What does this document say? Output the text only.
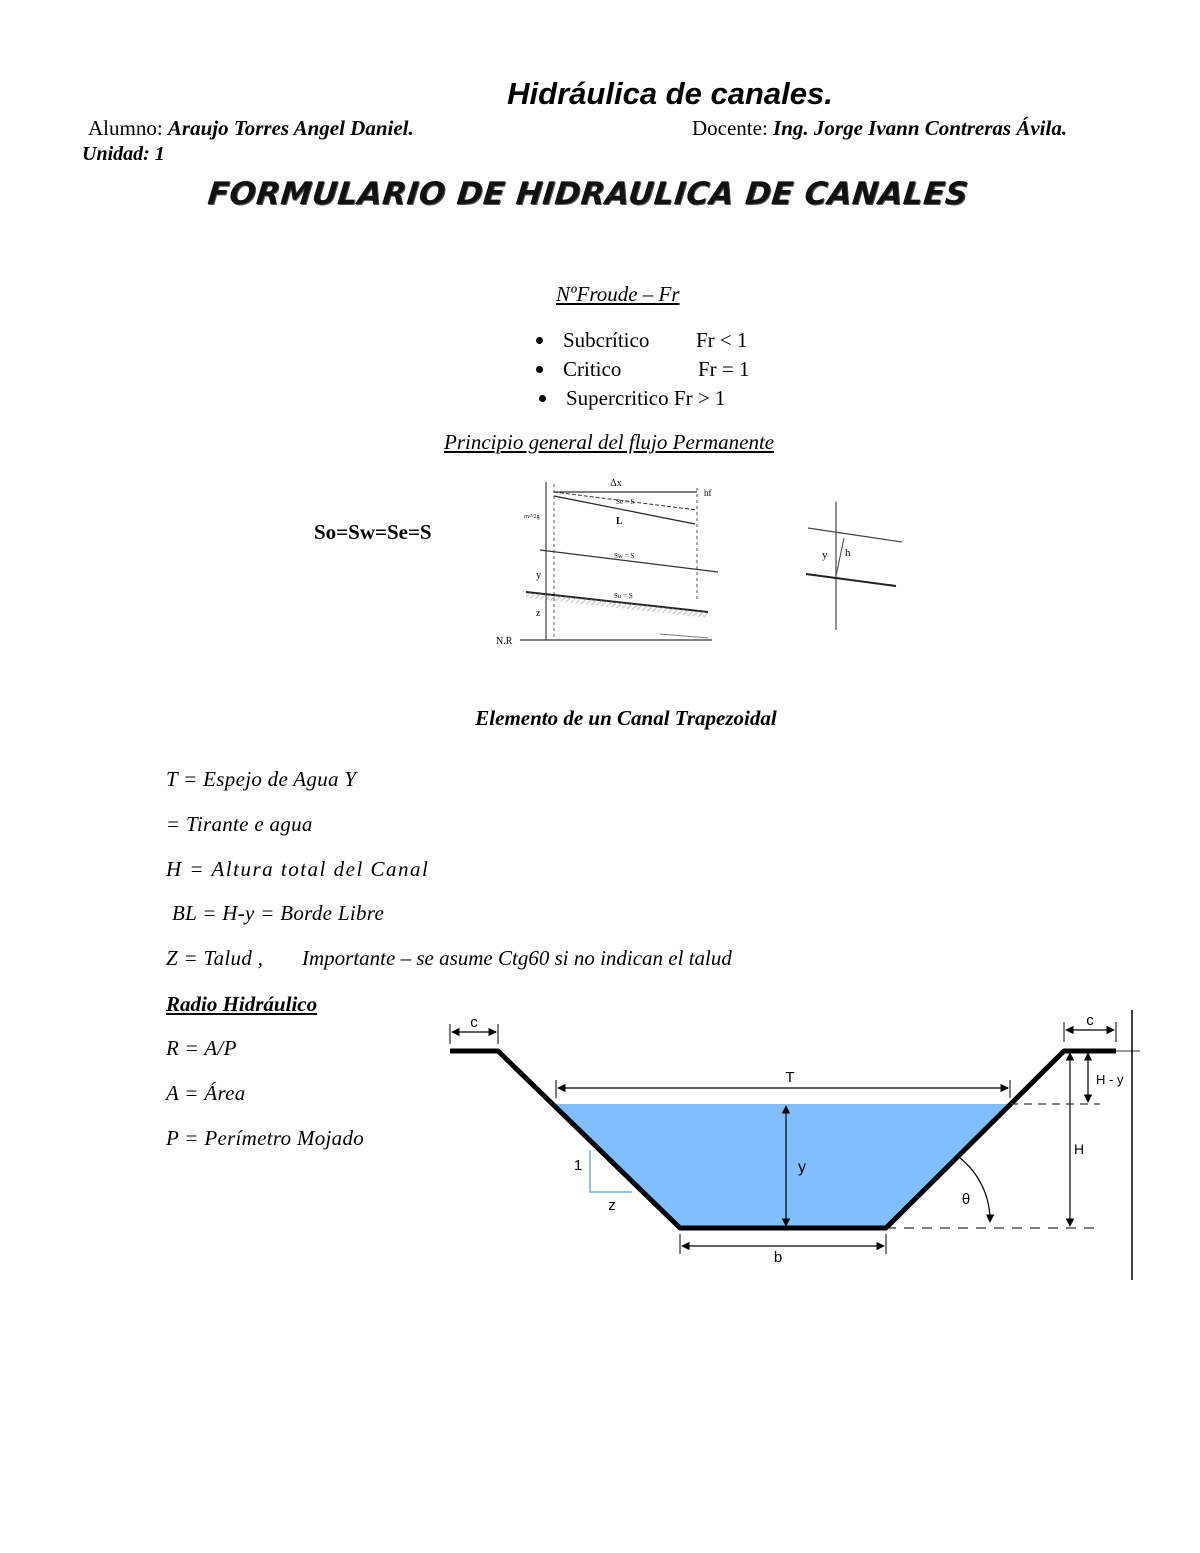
Hidráulica de canales.
Alumno: Araujo Torres Angel Daniel.	Docente: Ing. Jorge Ivann Contreras Ávila.
Unidad: 1
FORMULARIO DE HIDRAULICA DE CANALES
NºFroude – Fr
Subcrítico Fr < 1
Critico	Fr = 1
Supercritico Fr > 1
Principio general del flujo Permanente
So=Sw=Se=S
Δx
hf
Se = S
L
αv²/2g
Sw = S
y
So = S
z
N.R
y h
Elemento de un Canal Trapezoidal
T = Espejo de Agua Y
= Tirante e agua
H = Altura total del Canal
BL = H-y = Borde Libre
Z = Talud , Importante – se asume Ctg60 si no indican el talud
Radio Hidráulico
R = A/P
A = Área
P = Perímetro Mojado
c	c
T
y
1
z
H - y
H
θ
b
